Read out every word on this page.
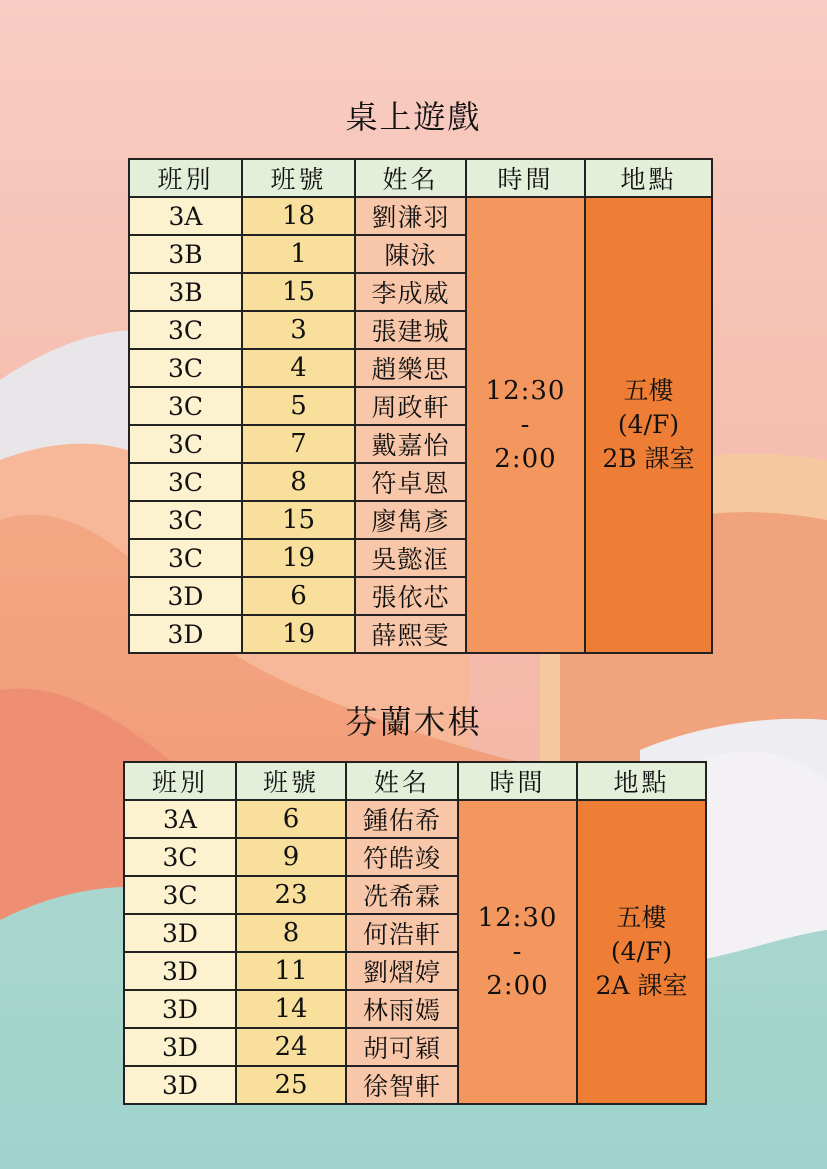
桌上遊戲
班別	班號	姓名	時間	地點
3A	18	劉溓羽	12:30
-
2:00	五樓
(4/F)
2B 課室

3B	1	陳泳		
3B	15	李成威		
3C	3	張建城		
3C	4	趙樂思		
3C	5	周政軒		
3C	7	戴嘉怡		
3C	8	符卓恩		
3C	15	廖雋彥		
3C	19	吳懿洭		
3D	6	張依芯		
3D	19	薛熙雯		
芬蘭木棋
班別	班號	姓名	時間	地點
3A	6	鍾佑希	12:30
-
2:00	五樓
(4/F)
2A 課室

3C	9	符皓竣		
3C	23	冼希霖		
3D	8	何浩軒		
3D	11	劉熠婷		
3D	14	林雨嫣		
3D	24	胡可穎		
3D	25	徐智軒		
